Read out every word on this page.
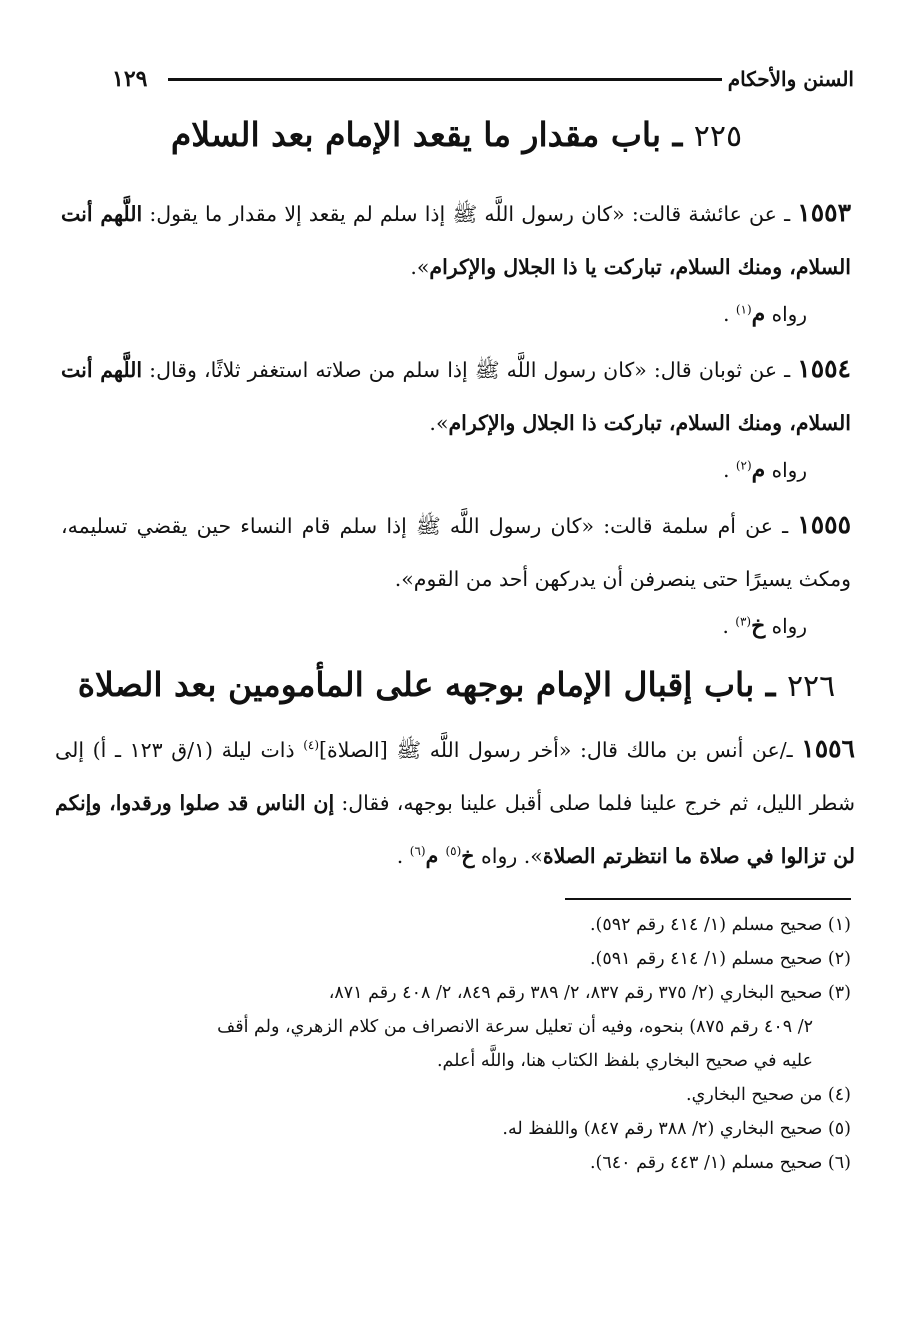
السنن والأحكام
١٢٩
٢٢٥ ـ باب مقدار ما يقعد الإمام بعد السلام
١٥٥٣ ـ عن عائشة قالت: «كان رسول اللَّه ﷺ إذا سلم لم يقعد إلا مقدار ما يقول: اللَّهم أنت السلام، ومنك السلام، تباركت يا ذا الجلال والإكرام».
رواه م$^{(١)}$ .
١٥٥٤ ـ عن ثوبان قال: «كان رسول اللَّه ﷺ إذا سلم من صلاته استغفر ثلاثًا، وقال: اللَّهم أنت السلام، ومنك السلام، تباركت ذا الجلال والإكرام».
رواه م$^{(٢)}$ .
١٥٥٥ ـ عن أم سلمة قالت: «كان رسول اللَّه ﷺ إذا سلم قام النساء حين يقضي تسليمه، ومكث يسيرًا حتى ينصرفن أن يدركهن أحد من القوم».
رواه خ$^{(٣)}$ .
٢٢٦ ـ باب إقبال الإمام بوجهه على المأمومين بعد الصلاة
١٥٥٦ ـ/عن أنس بن مالك قال: «أخر رسول اللَّه ﷺ [الصلاة]$^{(٤)}$ ذات ليلة (١/ق ١٢٣ ـ أ) إلى شطر الليل، ثم خرج علينا فلما صلى أقبل علينا بوجهه، فقال: إن الناس قد صلوا ورقدوا، وإنكم لن تزالوا في صلاة ما انتظرتم الصلاة». رواه خ$^{(٥)}$ م$^{(٦)}$ .
(١) صحيح مسلم (١/ ٤١٤ رقم ٥٩٢).
(٢) صحيح مسلم (١/ ٤١٤ رقم ٥٩١).
(٣) صحيح البخاري (٢/ ٣٧٥ رقم ٨٣٧، ٢/ ٣٨٩ رقم ٨٤٩، ٢/ ٤٠٨ رقم ٨٧١،
٢/ ٤٠٩ رقم ٨٧٥) بنحوه، وفيه أن تعليل سرعة الانصراف من كلام الزهري، ولم أقف
عليه في صحيح البخاري بلفظ الكتاب هنا، واللَّه أعلم.
(٤) من صحيح البخاري.
(٥) صحيح البخاري (٢/ ٣٨٨ رقم ٨٤٧) واللفظ له.
(٦) صحيح مسلم (١/ ٤٤٣ رقم ٦٤٠).
